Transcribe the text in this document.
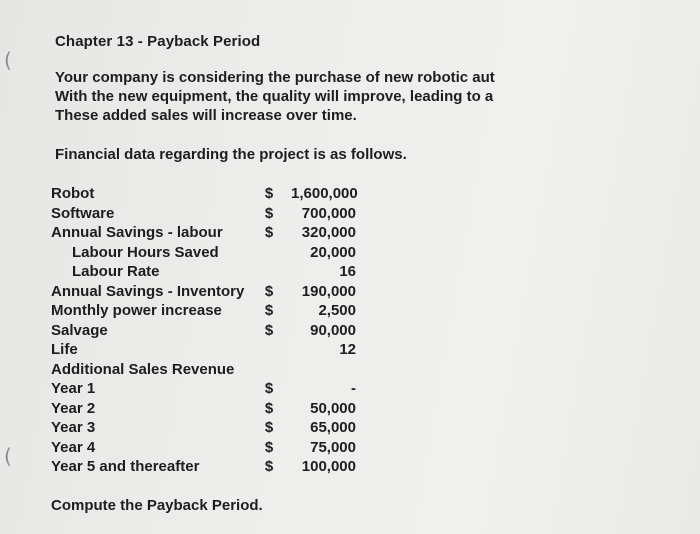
(
(
Chapter 13 - Payback Period
Your company is considering the purchase of new robotic aut
With the new equipment, the quality will improve, leading to a
These added sales will increase over time.
Financial data regarding the project is as follows.
Robot	$ 1,600,000
Software	$	700,000
Annual Savings - labour	$	320,000
Labour Hours Saved	20,000
Labour Rate	16
Annual Savings - Inventory $	190,000
Monthly power increase	$	2,500
Salvage	$	90,000
Life	12
Additional Sales Revenue
Year 1	$	-
Year 2	$	50,000
Year 3	$	65,000
Year 4	$	75,000
Year 5 and thereafter	$	100,000
Compute the Payback Period.
